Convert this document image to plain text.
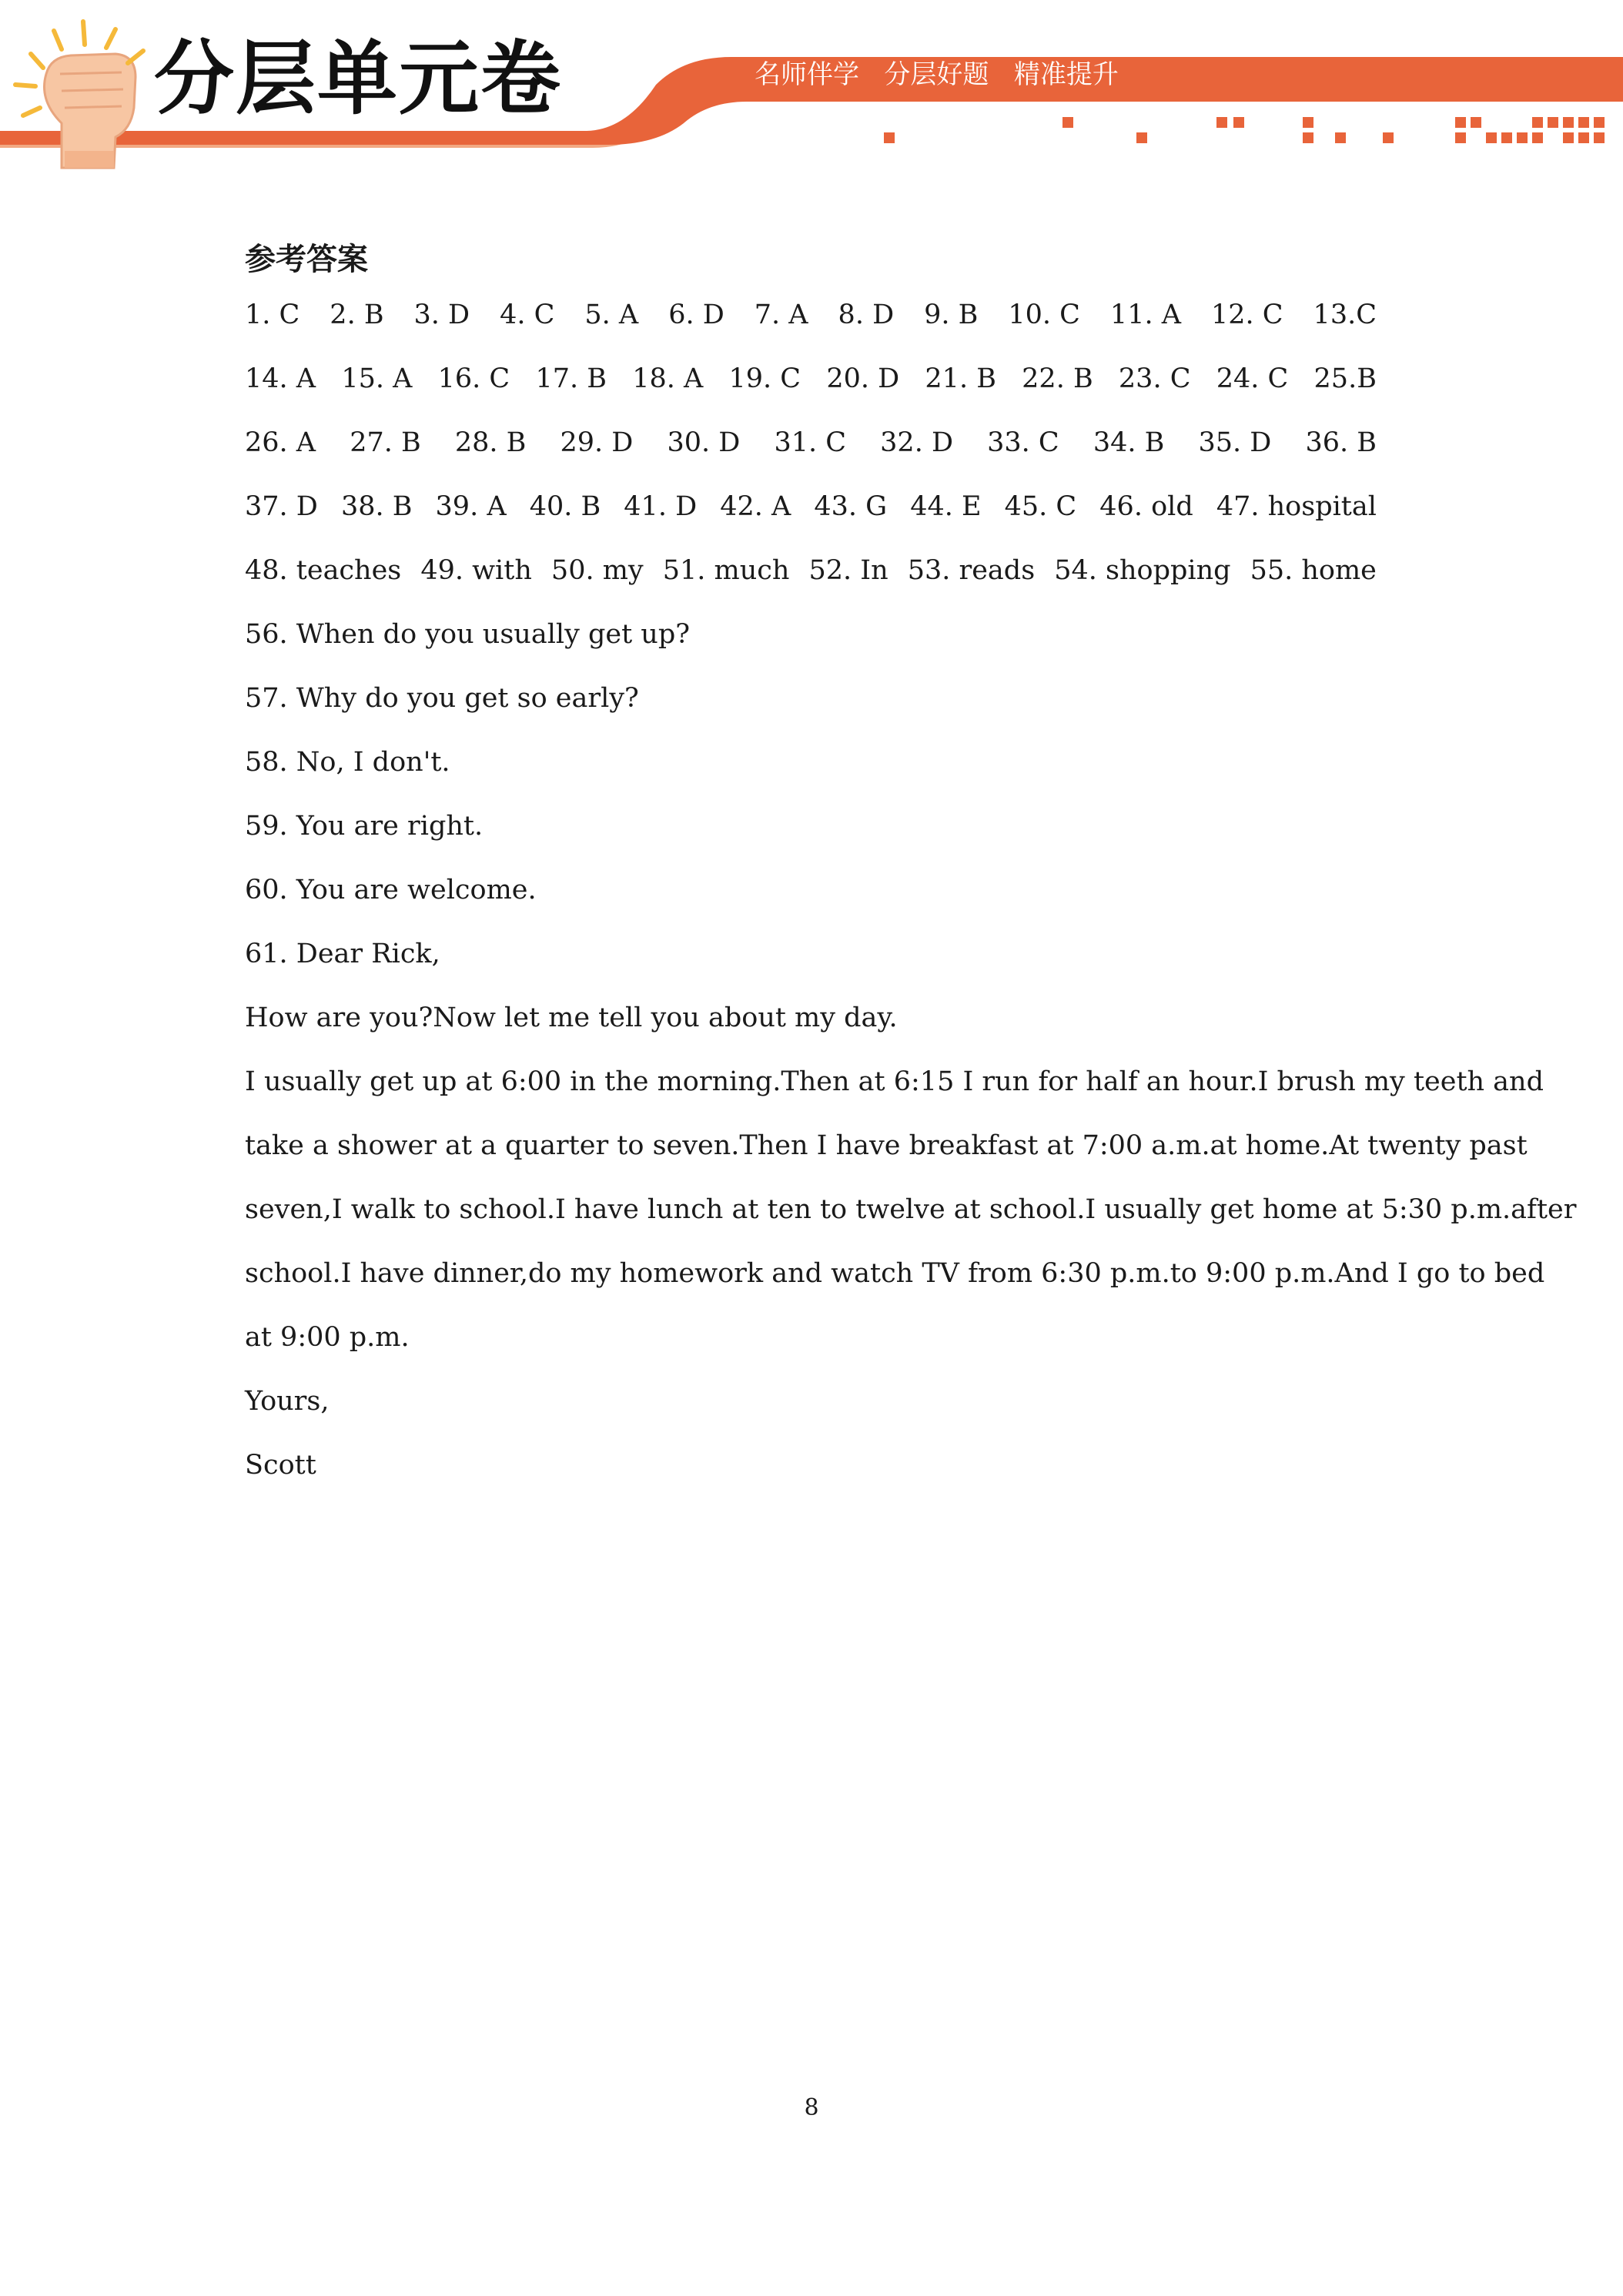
分层单元卷	名师伴学   分层好题   精准提升
参考答案
1. C 2. B 3. D 4. C 5. A 6. D 7. A 8. D 9. B 10. C 11. A 12. C 13.C
14. A 15. A 16. C 17. B 18. A 19. C 20. D 21. B 22. B 23. C 24. C 25.B
26. A 27. B 28. B 29. D 30. D 31. C 32. D 33. C 34. B 35. D 36. B
37. D 38. B 39. A 40. B 41. D 42. A 43. G 44. E 45. C 46. old 47. hospital
48. teaches 49. with 50. my 51. much 52. In 53. reads 54. shopping 55. home
56. When do you usually get up?
57. Why do you get so early?
58. No, I don't.
59. You are right.
60. You are welcome.
61. Dear Rick,
How are you?Now let me tell you about my day.
I usually get up at 6:00 in the morning.Then at 6:15 I run for half an hour.I brush my teeth and
take a shower at a quarter to seven.Then I have breakfast at 7:00 a.m.at home.At twenty past
seven,I walk to school.I have lunch at ten to twelve at school.I usually get home at 5:30 p.m.after
school.I have dinner,do my homework and watch TV from 6:30 p.m.to 9:00 p.m.And I go to bed
at 9:00 p.m.
Yours,
Scott
8
